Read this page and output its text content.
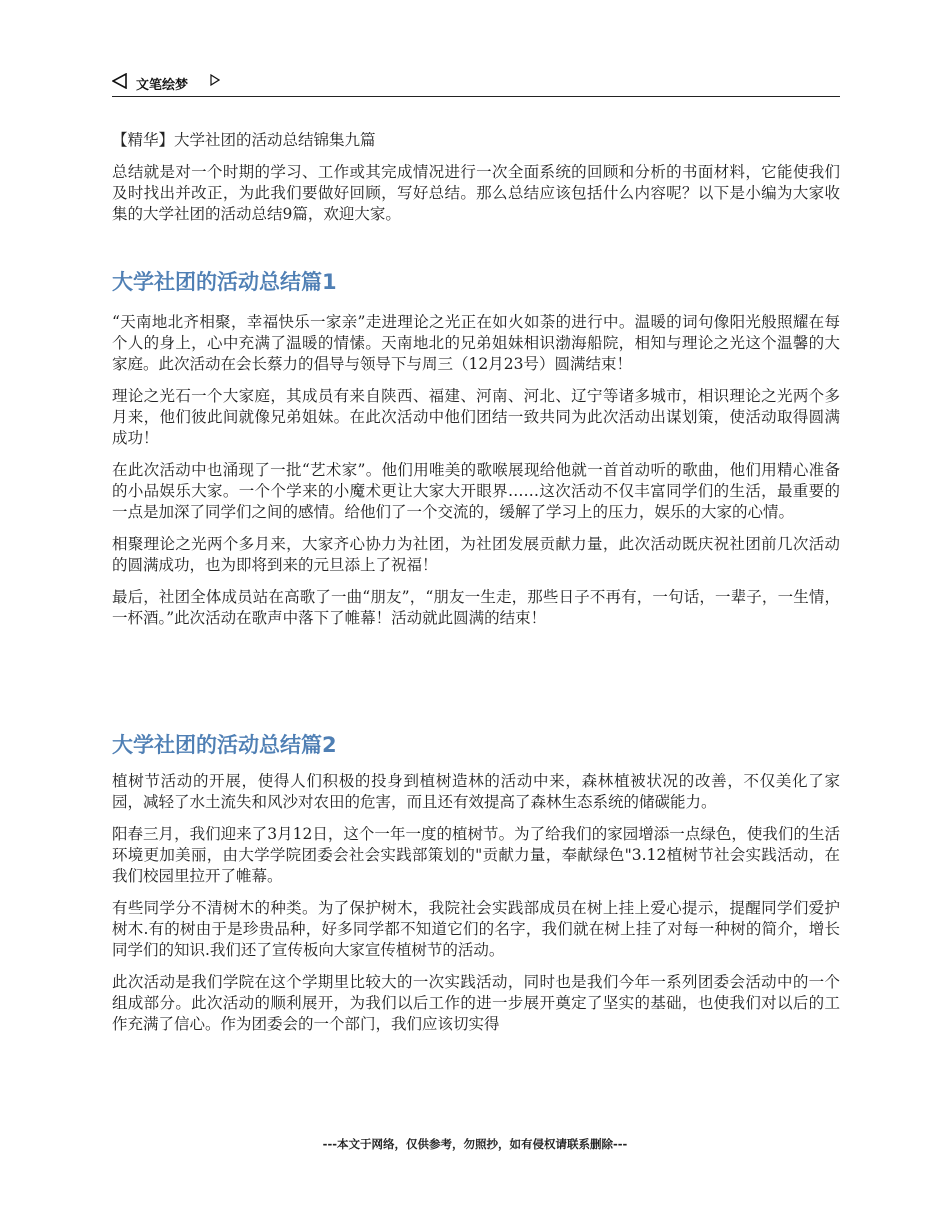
文笔绘梦
【精华】大学社团的活动总结锦集九篇

总结就是对一个时期的学习、工作或其完成情况进行一次全面系统的回顾和分析的书面材料，它能使我们及时找出并改正，为此我们要做好回顾，写好总结。那么总结应该包括什么内容呢？以下是小编为大家收集的大学社团的活动总结9篇，欢迎大家。

大学社团的活动总结篇1

“天南地北齐相聚，幸福快乐一家亲”走进理论之光正在如火如荼的进行中。温暖的词句像阳光般照耀在每个人的身上，心中充满了温暖的情愫。天南地北的兄弟姐妹相识渤海船院，相知与理论之光这个温馨的大家庭。此次活动在会长蔡力的倡导与领导下与周三（12月23号）圆满结束！

理论之光石一个大家庭，其成员有来自陕西、福建、河南、河北、辽宁等诸多城市，相识理论之光两个多月来，他们彼此间就像兄弟姐妹。在此次活动中他们团结一致共同为此次活动出谋划策，使活动取得圆满成功！

在此次活动中也涌现了一批“艺术家”。他们用唯美的歌喉展现给他就一首首动听的歌曲，他们用精心准备的小品娱乐大家。一个个学来的小魔术更让大家大开眼界……这次活动不仅丰富同学们的生活，最重要的一点是加深了同学们之间的感情。给他们了一个交流的，缓解了学习上的压力，娱乐的大家的心情。

相聚理论之光两个多月来，大家齐心协力为社团，为社团发展贡献力量，此次活动既庆祝社团前几次活动的圆满成功，也为即将到来的元旦添上了祝福！

最后，社团全体成员站在高歌了一曲“朋友”，“朋友一生走，那些日子不再有，一句话，一辈子，一生情，一杯酒。”此次活动在歌声中落下了帷幕！活动就此圆满的结束！

大学社团的活动总结篇2

植树节活动的开展，使得人们积极的投身到植树造林的活动中来，森林植被状况的改善，不仅美化了家园，减轻了水土流失和风沙对农田的危害，而且还有效提高了森林生态系统的储碳能力。

阳春三月，我们迎来了3月12日，这个一年一度的植树节。为了给我们的家园增添一点绿色，使我们的生活环境更加美丽，由大学学院团委会社会实践部策划的"贡献力量，奉献绿色"3.12植树节社会实践活动，在我们校园里拉开了帷幕。

有些同学分不清树木的种类。为了保护树木，我院社会实践部成员在树上挂上爱心提示，提醒同学们爱护树木.有的树由于是珍贵品种，好多同学都不知道它们的名字，我们就在树上挂了对每一种树的简介，增长同学们的知识.我们还了宣传板向大家宣传植树节的活动。

此次活动是我们学院在这个学期里比较大的一次实践活动，同时也是我们今年一系列团委会活动中的一个组成部分。此次活动的顺利展开，为我们以后工作的进一步展开奠定了坚实的基础，也使我们对以后的工作充满了信心。作为团委会的一个部门，我们应该切实得

---本文于网络，仅供参考，勿照抄，如有侵权请联系删除---
